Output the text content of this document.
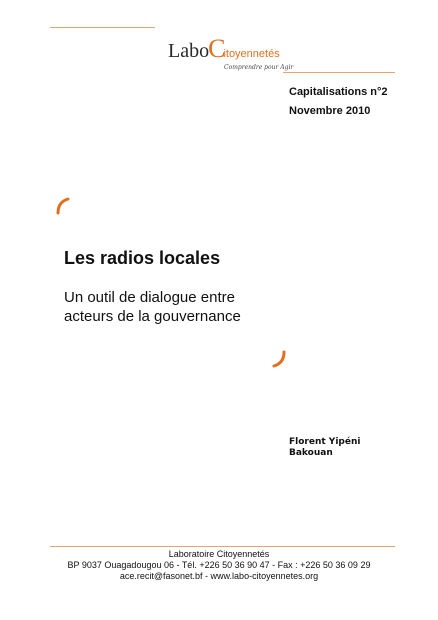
LaboCitoyennetés
Comprendre pour Agir
Capitalisations n°2
Novembre 2010
Les radios locales
Un outil de dialogue entre
acteurs de la gouvernance
Florent Yipéni
Bakouan
Laboratoire Citoyennetés
BP 9037 Ouagadougou 06 - Tél. +226 50 36 90 47 - Fax : +226 50 36 09 29
ace.recit@fasonet.bf - www.labo-citoyennetes.org
